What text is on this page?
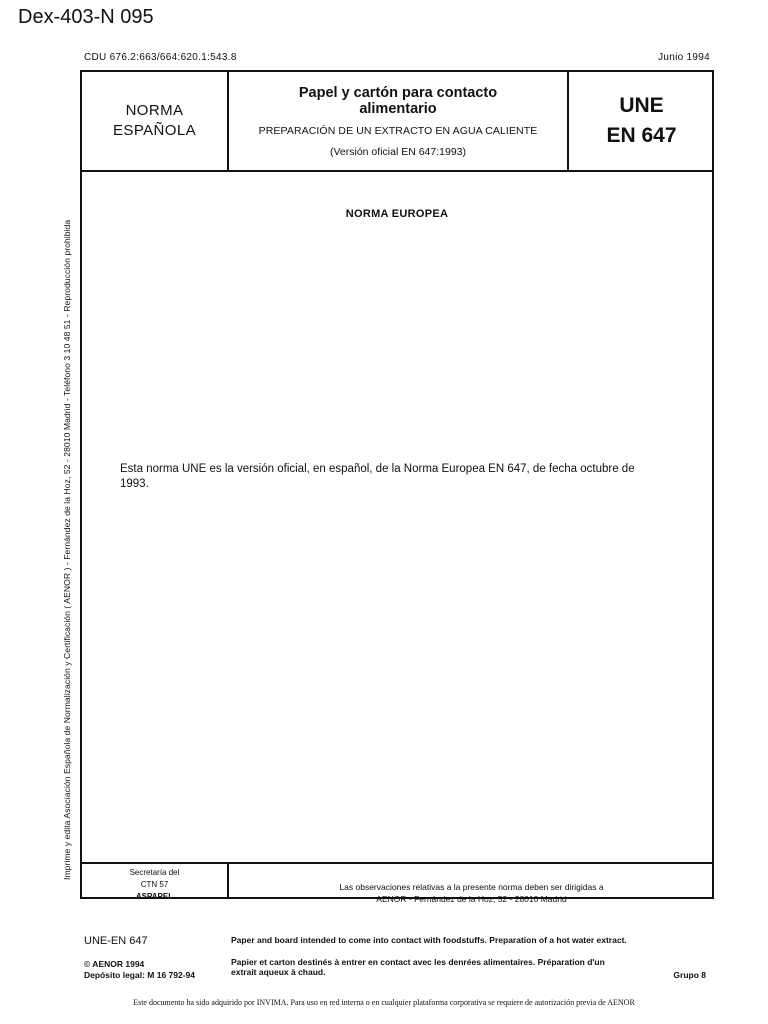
Dex-403-N 095
CDU 676.2:663/664:620.1:543.8	Junio 1994
Imprime y edita Asociación Española de Normalización y Certificación ( AENOR ) - Fernández de la Hoz, 52 - 28010 Madrid - Teléfono 3 10 48 51 - Reproducción prohibida
NORMA
ESPAÑOLA
Papel y cartón para contacto
alimentario
PREPARACIÓN DE UN EXTRACTO EN AGUA CALIENTE
(Versión oficial EN 647:1993)
UNE
EN 647
NORMA EUROPEA
Esta norma UNE es la versión oficial, en español, de la Norma Europea EN 647, de fecha octubre de 1993.
Secretaría del
CTN 57
ASPAPEL
Las observaciones relativas a la presente norma deben ser dirigidas a
AENOR - Fernández de la Hoz, 52 - 28010 Madrid
UNE-EN 647
© AENOR 1994
Depósito legal: M 16 792-94
Paper and board intended to come into contact with foodstuffs. Preparation of a hot water extract.
Papier et carton destinés à entrer en contact avec les denrées alimentaires. Préparation d'un extrait aqueux à chaud.	Grupo 8
Este documento ha sido adquirido por INVIMA. Para uso en red interna o en cualquier plataforma corporativa se requiere de autorización previa de AENOR
